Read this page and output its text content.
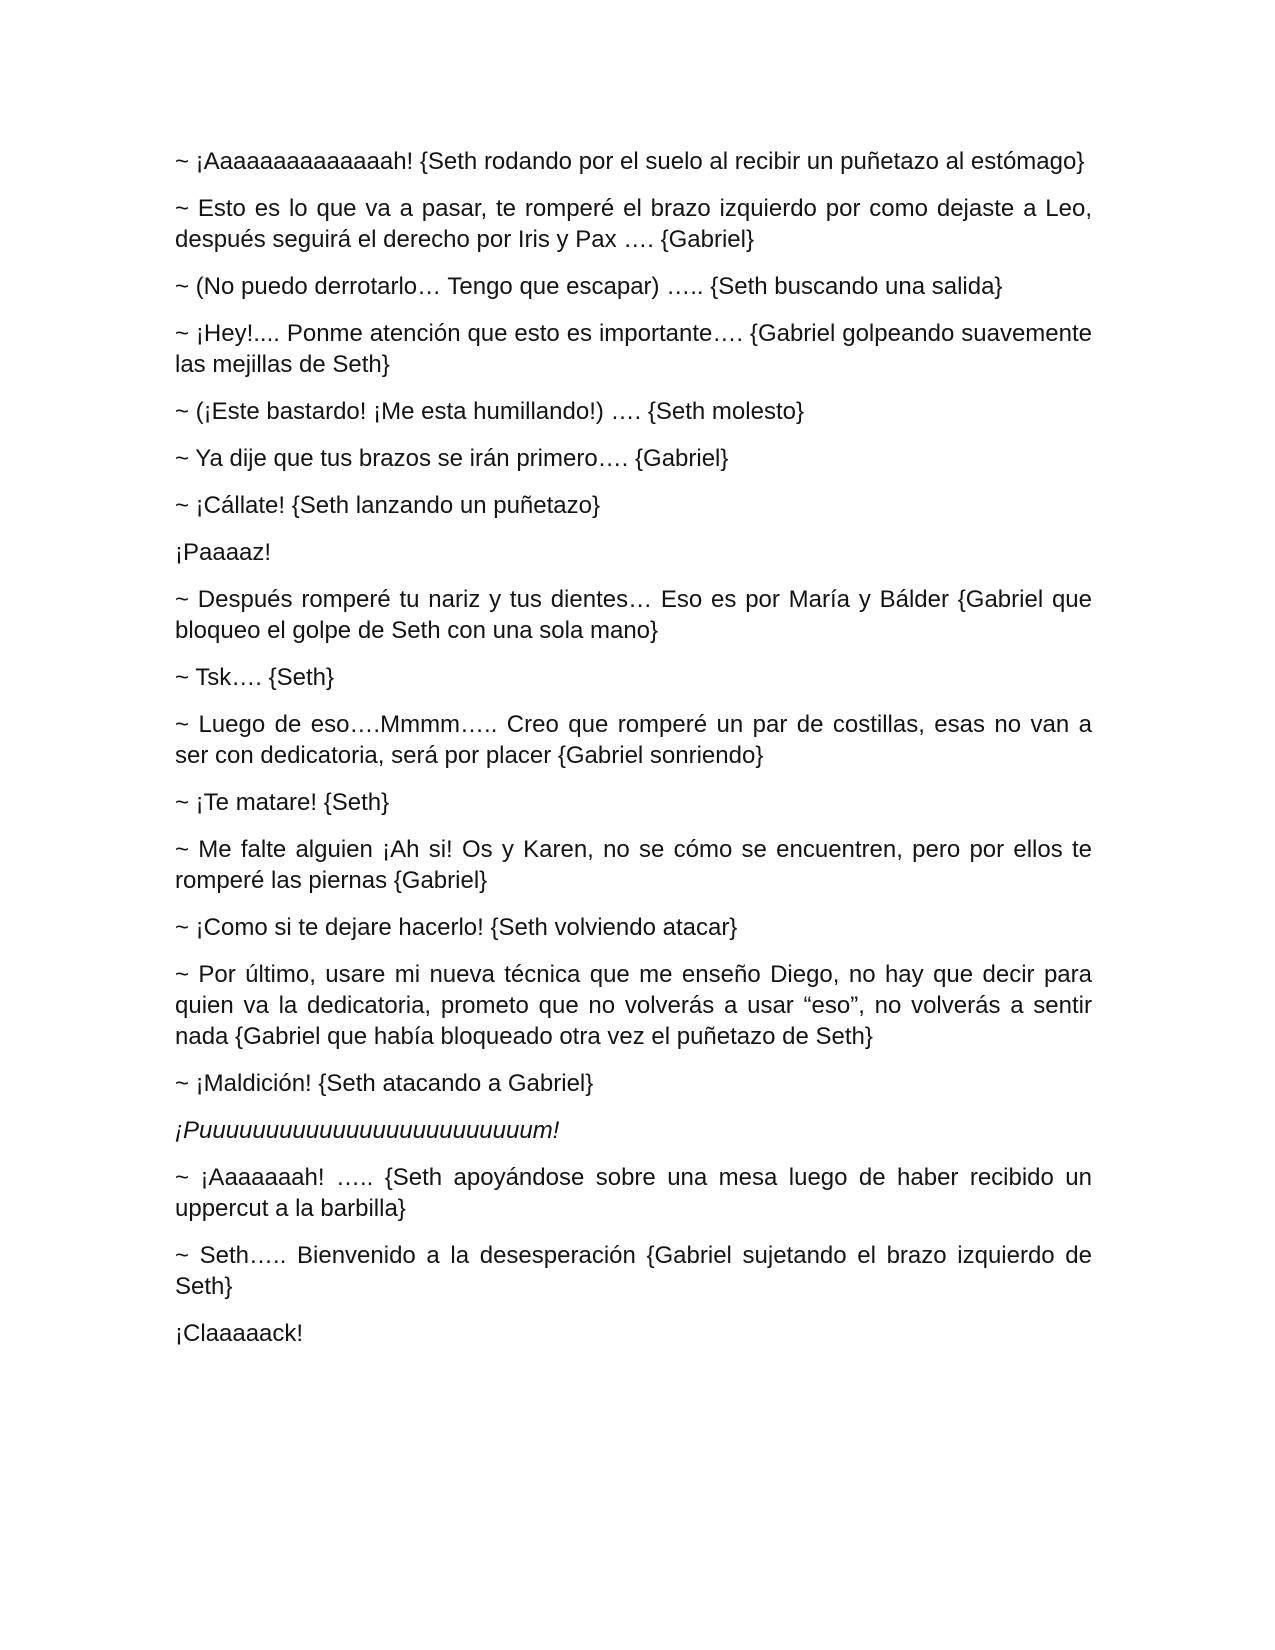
~ ¡Aaaaaaaaaaaaaah! {Seth rodando por el suelo al recibir un puñetazo al estómago}

~ Esto es lo que va a pasar, te romperé el brazo izquierdo por como dejaste a Leo, después seguirá el derecho por Iris y Pax …. {Gabriel}

~ (No puedo derrotarlo… Tengo que escapar) ….. {Seth buscando una salida}

~ ¡Hey!.... Ponme atención que esto es importante…. {Gabriel golpeando suavemente las mejillas de Seth}

~ (¡Este bastardo! ¡Me esta humillando!) …. {Seth molesto}

~ Ya dije que tus brazos se irán primero…. {Gabriel}

~ ¡Cállate! {Seth lanzando un puñetazo}

¡Paaaaz!

~ Después romperé tu nariz y tus dientes… Eso es por María y Bálder {Gabriel que bloqueo el golpe de Seth con una sola mano}

~ Tsk…. {Seth}

~ Luego de eso….Mmmm….. Creo que romperé un par de costillas, esas no van a ser con dedicatoria, será por placer {Gabriel sonriendo}

~ ¡Te matare! {Seth}

~ Me falte alguien ¡Ah si! Os y Karen, no se cómo se encuentren, pero por ellos te romperé las piernas {Gabriel}

~ ¡Como si te dejare hacerlo! {Seth volviendo atacar}

~ Por último, usare mi nueva técnica que me enseño Diego, no hay que decir para quien va la dedicatoria, prometo que no volverás a usar “eso”, no volverás a sentir nada {Gabriel que había bloqueado otra vez el puñetazo de Seth}

~ ¡Maldición! {Seth atacando a Gabriel}

¡Puuuuuuuuuuuuuuuuuuuuuuuuum!

~ ¡Aaaaaaah! ….. {Seth apoyándose sobre una mesa luego de haber recibido un uppercut a la barbilla}

~ Seth….. Bienvenido a la desesperación {Gabriel sujetando el brazo izquierdo de Seth}

¡Claaaaack!
